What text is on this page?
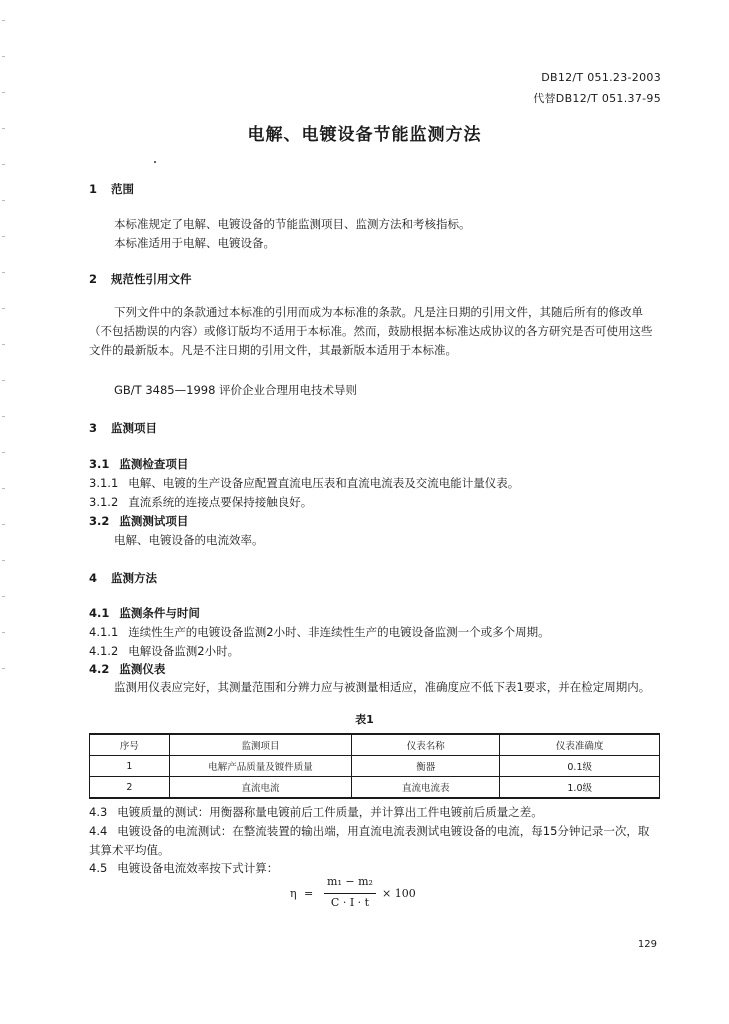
DB12/T 051.23-2003
代替DB12/T 051.37-95
电解、电镀设备节能监测方法
1 范围
本标准规定了电解、电镀设备的节能监测项目、监测方法和考核指标。
本标准适用于电解、电镀设备。
2 规范性引用文件
下列文件中的条款通过本标准的引用而成为本标准的条款。凡是注日期的引用文件，其随后所有的修改单（不包括勘误的内容）或修订版均不适用于本标准。然而，鼓励根据本标准达成协议的各方研究是否可使用这些文件的最新版本。凡是不注日期的引用文件，其最新版本适用于本标准。
GB/T 3485—1998 评价企业合理用电技术导则
3 监测项目
3.1 监测检查项目
3.1.1 电解、电镀的生产设备应配置直流电压表和直流电流表及交流电能计量仪表。
3.1.2 直流系统的连接点要保持接触良好。
3.2 监测测试项目
电解、电镀设备的电流效率。
4 监测方法
4.1 监测条件与时间
4.1.1 连续性生产的电镀设备监测2小时、非连续性生产的电镀设备监测一个或多个周期。
4.1.2 电解设备监测2小时。
4.2 监测仪表
监测用仪表应完好，其测量范围和分辨力应与被测量相适应，准确度应不低下表1要求，并在检定周期内。
表1
序号	监测项目	仪表名称	仪表准确度
1	电解产品质量及镀件质量	衡器	0.1级
2	直流电流	直流电流表	1.0级
4.3 电镀质量的测试：用衡器称量电镀前后工件质量，并计算出工件电镀前后质量之差。
4.4 电镀设备的电流测试：在整流装置的输出端，用直流电流表测试电镀设备的电流，每15分钟记录一次，取其算术平均值。
4.5 电镀设备电流效率按下式计算：
η =
m₁ − m₂
C · I · t
× 100
129
